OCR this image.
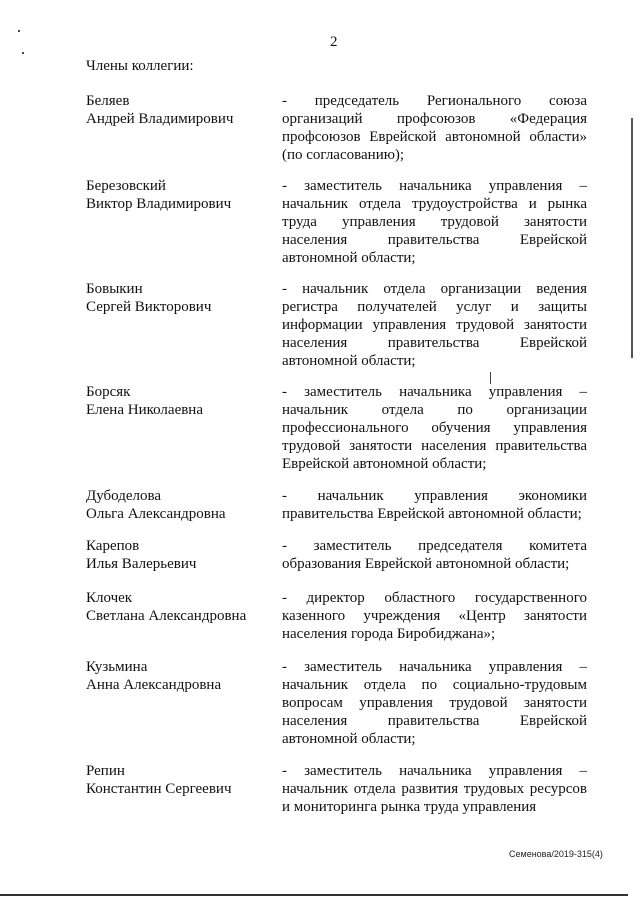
2
Члены коллегии:
Беляев
Андрей Владимирович
- председатель Регионального союза организаций профсоюзов «Федерация профсоюзов Еврейской автономной области» (по согласованию);
Березовский
Виктор Владимирович
- заместитель начальника управления – начальник отдела трудоустройства и рынка труда управления трудовой занятости населения правительства Еврейской автономной области;
Бовыкин
Сергей Викторович
- начальник отдела организации ведения регистра получателей услуг и защиты информации управления трудовой занятости населения правительства Еврейской автономной области;
Борсяк
Елена Николаевна
- заместитель начальника управления – начальник отдела по организации профессионального обучения управления трудовой занятости населения правительства Еврейской автономной области;
Дубоделова
Ольга Александровна
- начальник управления экономики правительства Еврейской автономной области;
Карепов
Илья Валерьевич
- заместитель председателя комитета образования Еврейской автономной области;
Клочек
Светлана Александровна
- директор областного государственного казенного учреждения «Центр занятости населения города Биробиджана»;
Кузьмина
Анна Александровна
- заместитель начальника управления – начальник отдела по социально-трудовым вопросам управления трудовой занятости населения правительства Еврейской автономной области;
Репин
Константин Сергеевич
- заместитель начальника управления – начальник отдела развития трудовых ресурсов и мониторинга рынка труда управления
Семенова/2019-315(4)
